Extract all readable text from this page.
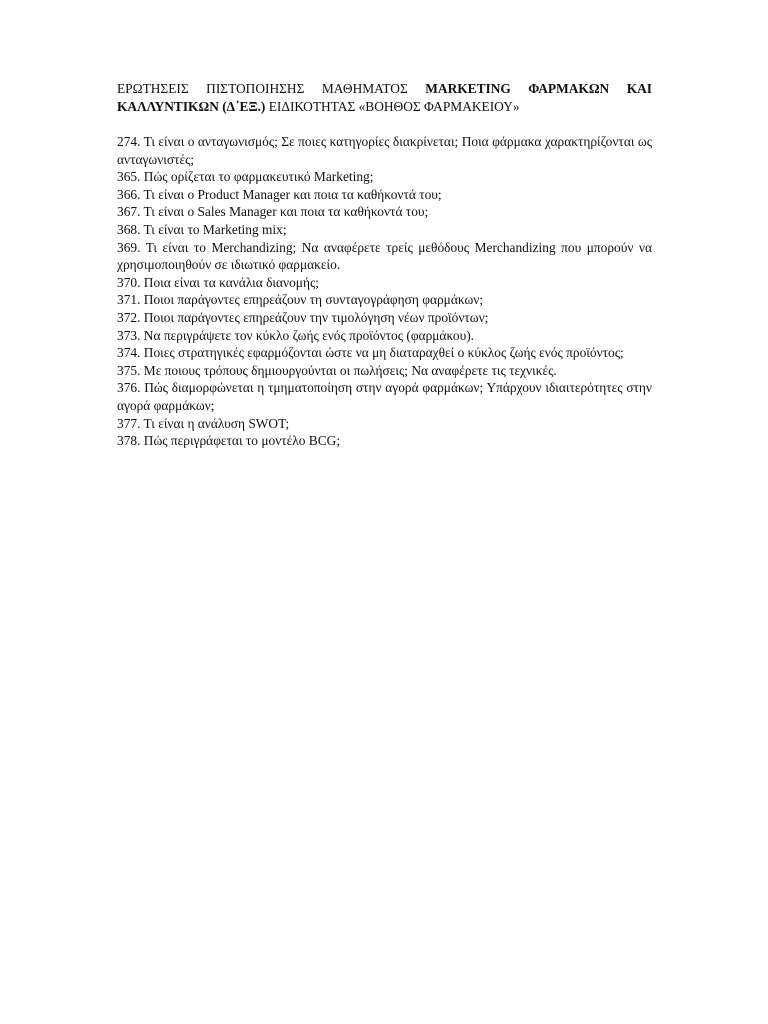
ΕΡΩΤΗΣΕΙΣ ΠΙΣΤΟΠΟΙΗΣΗΣ ΜΑΘΗΜΑΤΟΣ MARKETING ΦΑΡΜΑΚΩΝ ΚΑΙ ΚΑΛΛΥΝΤΙΚΩΝ (Δ΄ΕΞ.) ΕΙΔΙΚΟΤΗΤΑΣ «ΒΟΗΘΟΣ ΦΑΡΜΑΚΕΙΟΥ»

274. Τι είναι ο ανταγωνισμός; Σε ποιες κατηγορίες διακρίνεται; Ποια φάρμακα χαρακτηρίζονται ως ανταγωνιστές;

365. Πώς ορίζεται το φαρμακευτικό Marketing;

366. Τι είναι ο Product Manager και ποια τα καθήκοντά του;

367. Τι είναι ο Sales Manager και ποια τα καθήκοντά του;

368. Τι είναι το Marketing mix;

369. Τι είναι το Merchandizing; Να αναφέρετε τρείς μεθόδους Merchandizing που μπορούν να χρησιμοποιηθούν σε ιδιωτικό φαρμακείο.

370. Ποια είναι τα κανάλια διανομής;

371. Ποιοι παράγοντες επηρεάζουν τη συνταγογράφηση φαρμάκων;

372. Ποιοι παράγοντες επηρεάζουν την τιμολόγηση νέων προϊόντων;

373. Να περιγράψετε τον κύκλο ζωής ενός προϊόντος (φαρμάκου).

374. Ποιες στρατηγικές εφαρμόζονται ώστε να μη διαταραχθεί ο κύκλος ζωής ενός προϊόντος;

375. Με ποιους τρόπους δημιουργούνται οι πωλήσεις; Να αναφέρετε τις τεχνικές.

376. Πώς διαμορφώνεται η τμηματοποίηση στην αγορά φαρμάκων; Υπάρχουν ιδιαιτερότητες στην αγορά φαρμάκων;

377. Τι είναι η ανάλυση SWOT;

378. Πώς περιγράφεται το μοντέλο BCG;
